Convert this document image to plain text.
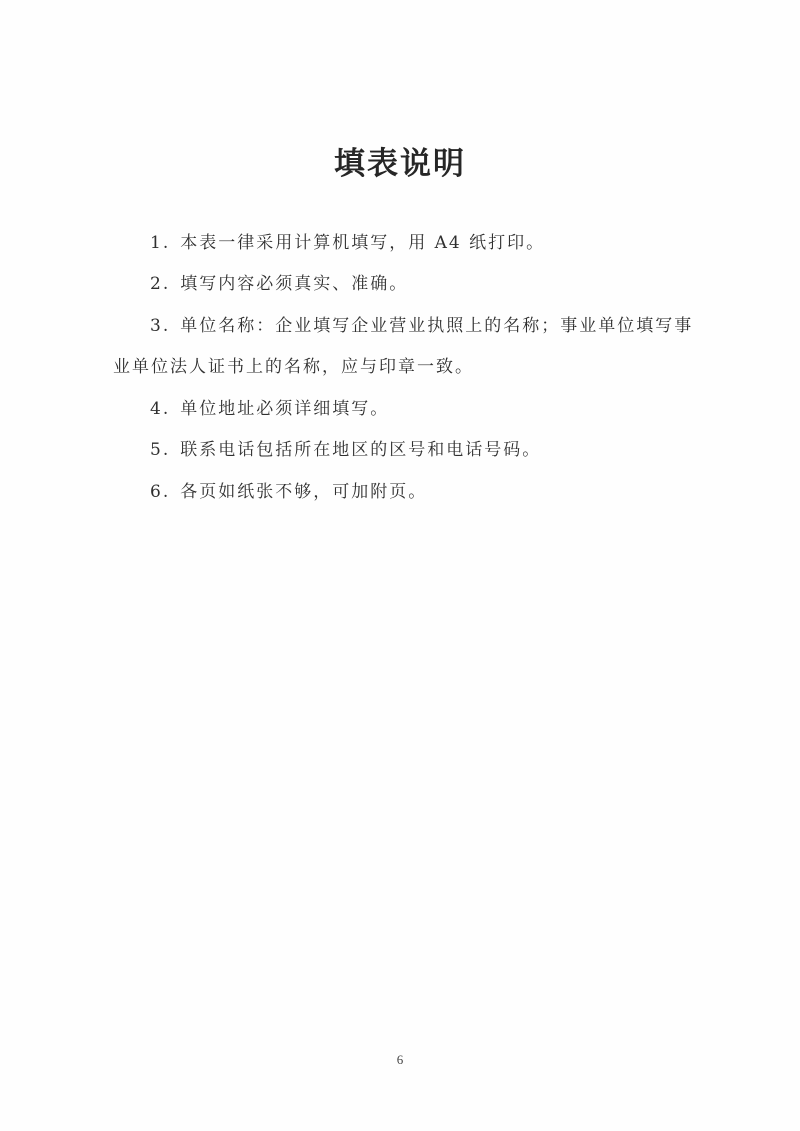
填表说明
1. 本表一律采用计算机填写，用 A4 纸打印。
2. 填写内容必须真实、准确。
3. 单位名称：企业填写企业营业执照上的名称；事业单位填写事
业单位法人证书上的名称，应与印章一致。
4. 单位地址必须详细填写。
5. 联系电话包括所在地区的区号和电话号码。
6. 各页如纸张不够，可加附页。
6
